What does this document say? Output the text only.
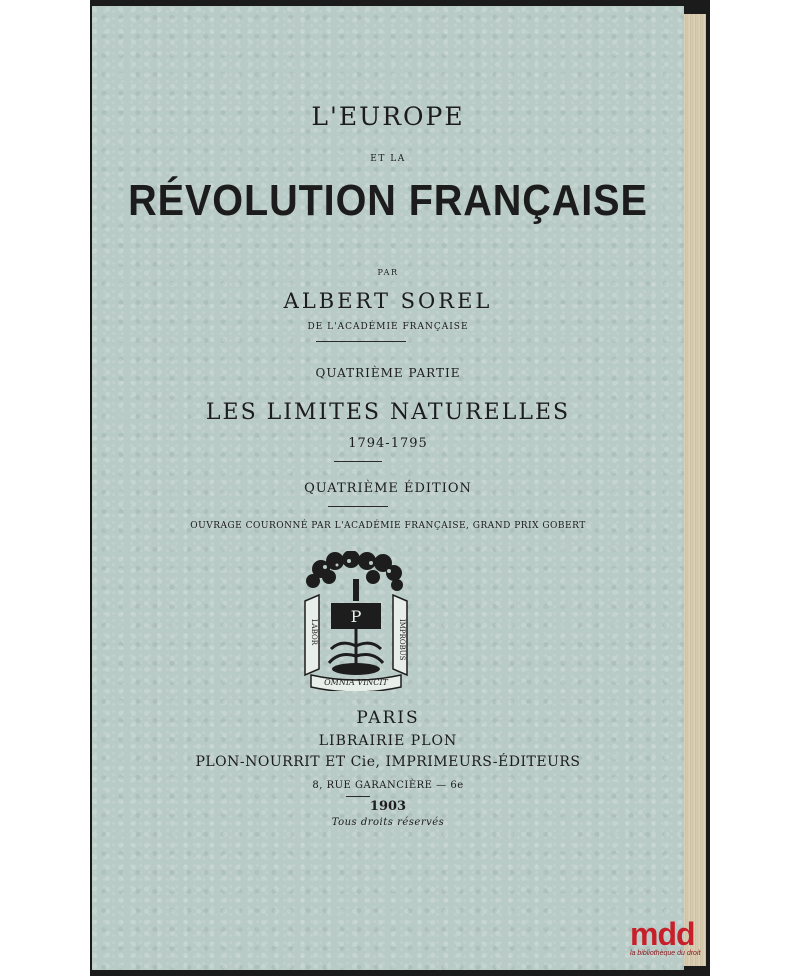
L'EUROPE
ET LA
RÉVOLUTION FRANÇAISE
PAR
ALBERT SOREL
DE L'ACADÉMIE FRANÇAISE
QUATRIÈME PARTIE
LES LIMITES NATURELLES
1794-1795
QUATRIÈME ÉDITION
OUVRAGE COURONNÉ PAR L'ACADÉMIE FRANÇAISE, GRAND PRIX GOBERT
P
LABOR	IMPROBUS
OMNIA VINCIT
PARIS
LIBRAIRIE PLON
PLON-NOURRIT ET Cie, IMPRIMEURS-ÉDITEURS
8, RUE GARANCIÈRE — 6e
1903
Tous droits réservés
mdd
la bibliothèque du droit
